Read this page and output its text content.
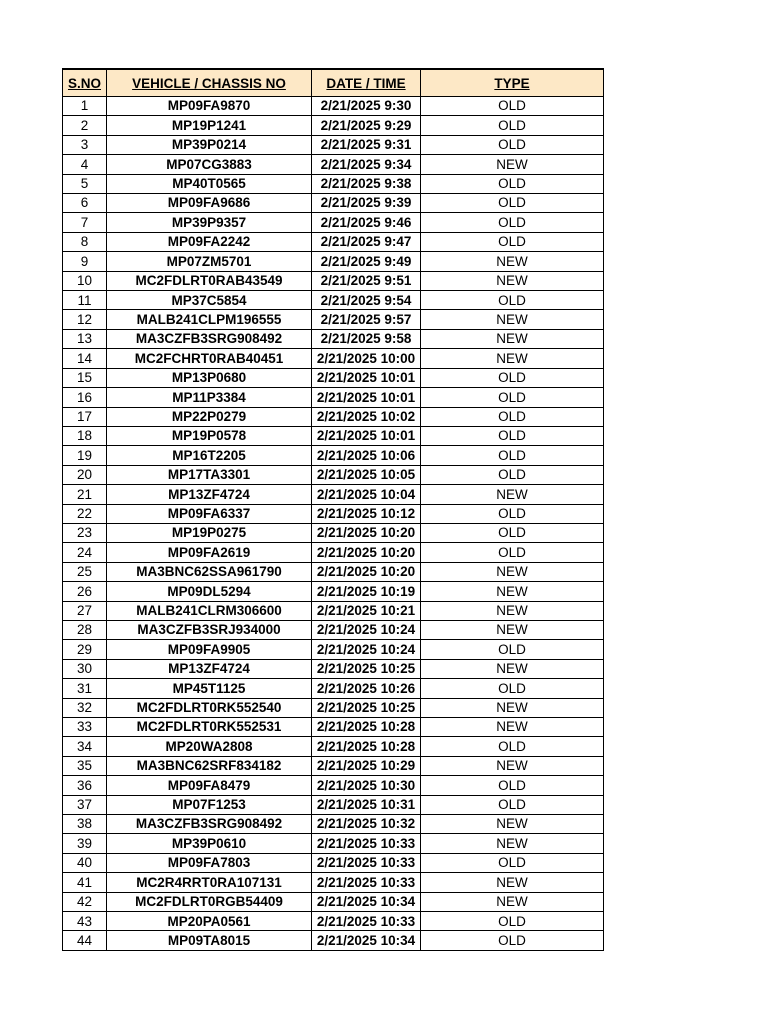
S.NO	VEHICLE / CHASSIS NO	DATE / TIME	TYPE
1	MP09FA9870	2/21/2025 9:30	OLD
2	MP19P1241	2/21/2025 9:29	OLD
3	MP39P0214	2/21/2025 9:31	OLD
4	MP07CG3883	2/21/2025 9:34	NEW
5	MP40T0565	2/21/2025 9:38	OLD
6	MP09FA9686	2/21/2025 9:39	OLD
7	MP39P9357	2/21/2025 9:46	OLD
8	MP09FA2242	2/21/2025 9:47	OLD
9	MP07ZM5701	2/21/2025 9:49	NEW
10	MC2FDLRT0RAB43549	2/21/2025 9:51	NEW
11	MP37C5854	2/21/2025 9:54	OLD
12	MALB241CLPM196555	2/21/2025 9:57	NEW
13	MA3CZFB3SRG908492	2/21/2025 9:58	NEW
14	MC2FCHRT0RAB40451	2/21/2025 10:00	NEW
15	MP13P0680	2/21/2025 10:01	OLD
16	MP11P3384	2/21/2025 10:01	OLD
17	MP22P0279	2/21/2025 10:02	OLD
18	MP19P0578	2/21/2025 10:01	OLD
19	MP16T2205	2/21/2025 10:06	OLD
20	MP17TA3301	2/21/2025 10:05	OLD
21	MP13ZF4724	2/21/2025 10:04	NEW
22	MP09FA6337	2/21/2025 10:12	OLD
23	MP19P0275	2/21/2025 10:20	OLD
24	MP09FA2619	2/21/2025 10:20	OLD
25	MA3BNC62SSA961790	2/21/2025 10:20	NEW
26	MP09DL5294	2/21/2025 10:19	NEW
27	MALB241CLRM306600	2/21/2025 10:21	NEW
28	MA3CZFB3SRJ934000	2/21/2025 10:24	NEW
29	MP09FA9905	2/21/2025 10:24	OLD
30	MP13ZF4724	2/21/2025 10:25	NEW
31	MP45T1125	2/21/2025 10:26	OLD
32	MC2FDLRT0RK552540	2/21/2025 10:25	NEW
33	MC2FDLRT0RK552531	2/21/2025 10:28	NEW
34	MP20WA2808	2/21/2025 10:28	OLD
35	MA3BNC62SRF834182	2/21/2025 10:29	NEW
36	MP09FA8479	2/21/2025 10:30	OLD
37	MP07F1253	2/21/2025 10:31	OLD
38	MA3CZFB3SRG908492	2/21/2025 10:32	NEW
39	MP39P0610	2/21/2025 10:33	NEW
40	MP09FA7803	2/21/2025 10:33	OLD
41	MC2R4RRT0RA107131	2/21/2025 10:33	NEW
42	MC2FDLRT0RGB54409	2/21/2025 10:34	NEW
43	MP20PA0561	2/21/2025 10:33	OLD
44	MP09TA8015	2/21/2025 10:34	OLD
